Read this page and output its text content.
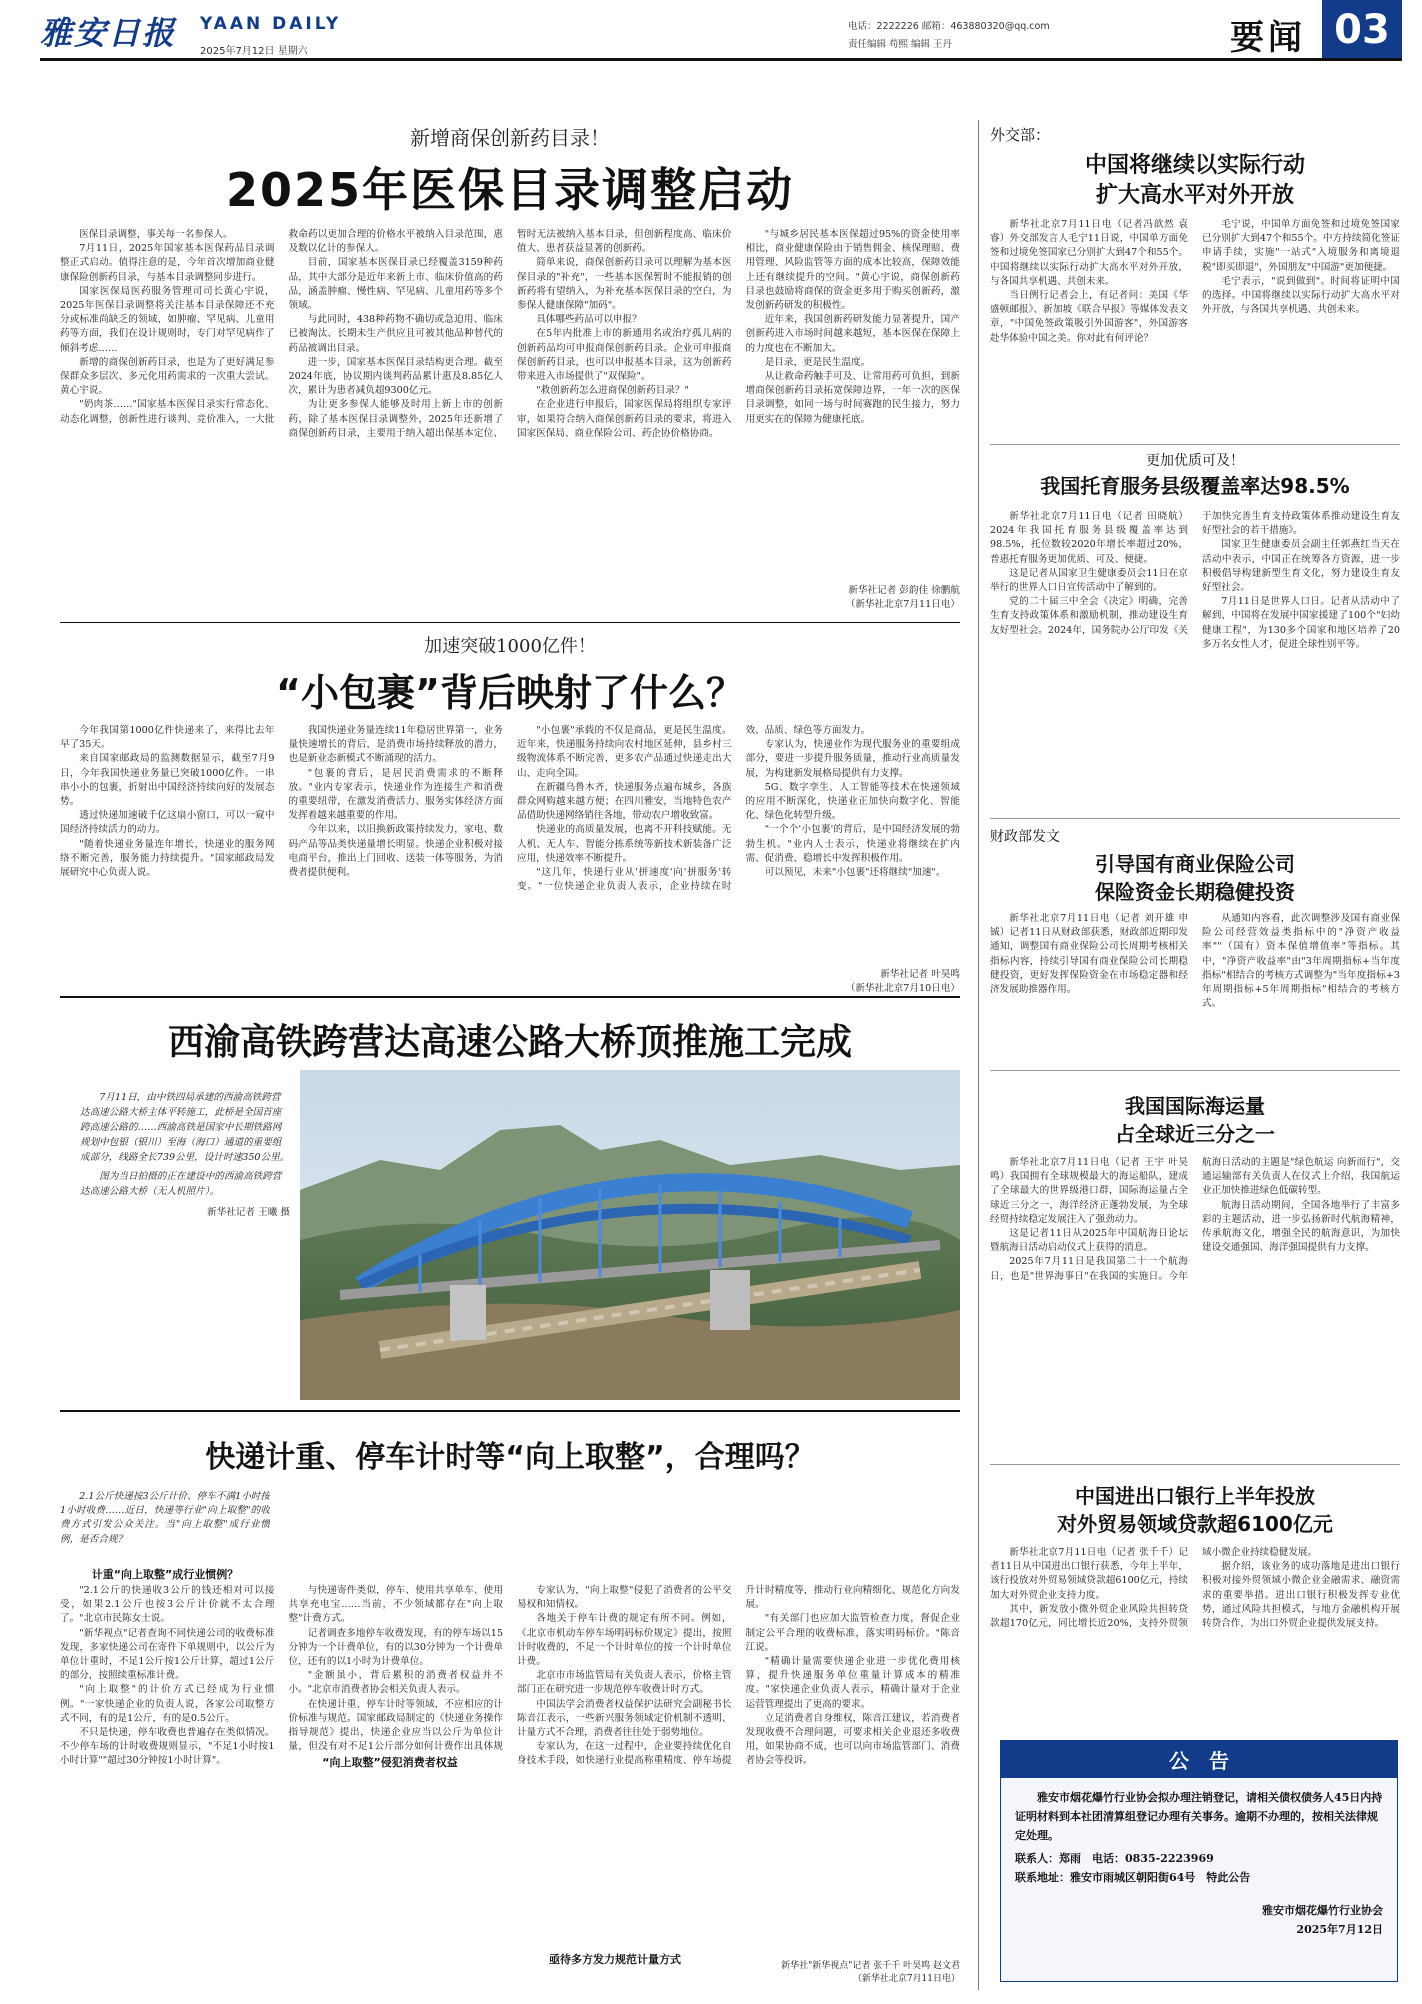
雅安日报	YAAN DAILY
2025年7月12日 星期六
电话：2222226 邮箱：463880320@qq.com
责任编辑 苟熙 编辑 王丹	要闻 03
新增商保创新药目录！
2025年医保目录调整启动

医保目录调整，事关每一名参保人。

7月11日，2025年国家基本医保药品目录调整正式启动。值得注意的是，今年首次增加商业健康保险创新药目录，与基本目录调整同步进行。

国家医保局医药服务管理司司长黄心宇说，2025年医保目录调整将关注基本目录保障还不充分或标准尚缺乏的领域，如肿瘤、罕见病、儿童用药等方面，我们在设计规则时，专门对罕见病作了倾斜考虑……

新增的商保创新药目录，也是为了更好满足参保群众多层次、多元化用药需求的一次重大尝试。黄心宇说。

"奶肉茶……"国家基本医保目录实行常态化、动态化调整，创新性进行谈判、竞价准入，一大批救命药以更加合理的价格水平被纳入目录范围，惠及数以亿计的参保人。

目前，国家基本医保目录已经覆盖3159种药品，其中大部分是近年来新上市、临床价值高的药品，涵盖肿瘤、慢性病、罕见病、儿童用药等多个领域。

与此同时，438种药物不确切或急迫用、临床已被淘汰、长期未生产供应且可被其他品种替代的药品被调出目录。

进一步，国家基本医保目录结构更合理。截至2024年底，协议期内谈判药品累计惠及8.85亿人次，累计为患者减负超9300亿元。

为让更多参保人能够及时用上新上市的创新药，除了基本医保目录调整外，2025年还新增了商保创新药目录，主要用于纳入超出保基本定位、暂时无法被纳入基本目录，但创新程度高、临床价值大、患者获益显著的创新药。

简单来说，商保创新药目录可以理解为基本医保目录的"补充"，一些基本医保暂时不能报销的创新药将有望纳入，为补充基本医保目录的空白，为参保人健康保障"加码"。

具体哪些药品可以申报？

在5年内批准上市的新通用名或治疗孤儿病的创新药品均可申报商保创新药目录。企业可申报商保创新药目录，也可以申报基本目录，这为创新药带来进入市场提供了"双保险"。

"救创新药怎么进商保创新药目录？"

在企业进行申报后，国家医保局将组织专家评审，如果符合纳入商保创新药目录的要求，将进入国家医保局、商业保险公司、药企协价格协商。

"与城乡居民基本医保超过95%的资金使用率相比，商业健康保险由于销售佣金、核保理赔、费用管理、风险监管等方面的成本比较高，保障效能上还有继续提升的空间。"黄心宇说，商保创新药目录也鼓励将商保的资金更多用于购买创新药，激发创新药研发的积极性。

近年来，我国创新药研发能力显著提升，国产创新药进入市场时间越来越短，基本医保在保障上的力度也在不断加大。

是目录，更是民生温度。

从让救命药触手可及、让常用药可负担，到新增商保创新药目录拓宽保障边界，一年一次的医保目录调整，如同一场与时间赛跑的民生接力，努力用更实在的保障为健康托底。

新华社记者 彭韵佳 徐鹏航
（新华社北京7月11日电）
加速突破1000亿件！
“小包裹”背后映射了什么？

今年我国第1000亿件快递来了，来得比去年早了35天。

来自国家邮政局的监测数据显示，截至7月9日，今年我国快递业务量已突破1000亿件。一串串小小的包裹，折射出中国经济持续向好的发展态势。

透过快递加速破千亿这扇小窗口，可以一窥中国经济持续活力的动力。

"随着快递业务量连年增长，快递业的服务网络不断完善，服务能力持续提升。"国家邮政局发展研究中心负责人说。

我国快递业务量连续11年稳居世界第一，业务量快速增长的背后，是消费市场持续释放的潜力，也是新业态新模式不断涌现的活力。

"包裹的背后，是居民消费需求的不断释放。"业内专家表示，快递业作为连接生产和消费的重要纽带，在激发消费活力、服务实体经济方面发挥着越来越重要的作用。

今年以来，以旧换新政策持续发力，家电、数码产品等品类快递量增长明显。快递企业积极对接电商平台，推出上门回收、送装一体等服务，为消费者提供便利。

"小包裹"承载的不仅是商品，更是民生温度。近年来，快递服务持续向农村地区延伸，县乡村三级物流体系不断完善，更多农产品通过快递走出大山、走向全国。

在新疆乌鲁木齐，快递服务点遍布城乡，各族群众网购越来越方便；在四川雅安，当地特色农产品借助快递网络销往各地，带动农户增收致富。

快递业的高质量发展，也离不开科技赋能。无人机、无人车、智能分拣系统等新技术新装备广泛应用，快递效率不断提升。

"这几年，快递行业从'拼速度'向'拼服务'转变。"一位快递企业负责人表示，企业持续在时效、品质、绿色等方面发力。

专家认为，快递业作为现代服务业的重要组成部分，要进一步提升服务质量，推动行业高质量发展，为构建新发展格局提供有力支撑。

5G、数字孪生、人工智能等技术在快递领域的应用不断深化，快递业正加快向数字化、智能化、绿色化转型升级。

"一个个'小包裹'的背后，是中国经济发展的勃勃生机。"业内人士表示，快递业将继续在扩内需、促消费、稳增长中发挥积极作用。

可以预见，未来"小包裹"还将继续"加速"。

新华社记者 叶昊鸣
（新华社北京7月10日电）
西渝高铁跨营达高速公路大桥顶推施工完成

7月11日，由中铁四局承建的西渝高铁跨营达高速公路大桥主体平转施工，此桥是全国首座跨高速公路的……西渝高铁是国家中长期铁路网规划中包银（银川）至海（海口）通道的重要组成部分，线路全长739公里，设计时速350公里。

图为当日拍摄的正在建设中的西渝高铁跨营达高速公路大桥（无人机照片）。

新华社记者 王曦 摄

快递计重、停车计时等“向上取整”，合理吗？

2.1公斤快递按3公斤计价、停车不满1小时按1小时收费……近日，快递等行业"向上取整"的收费方式引发公众关注。当"向上取整"成行业惯例，是否合规？

计重“向上取整”成行业惯例？

"2.1公斤的快递收3公斤的钱还相对可以接受，如果2.1公斤也按3公斤计价就不太合理了。"北京市民陈女士说。

"新华视点"记者查询不同快递公司的收费标准发现，多家快递公司在寄件下单规则中，以公斤为单位计重时，不足1公斤按1公斤计算，超过1公斤的部分，按照续重标准计费。

"向上取整"的计价方式已经成为行业惯例。"一家快递企业的负责人说，各家公司取整方式不同，有的是1公斤，有的是0.5公斤。

不只是快递，停车收费也普遍存在类似情况。不少停车场的计时收费规则显示，"不足1小时按1小时计算""超过30分钟按1小时计算"。

与快递寄件类似，停车、使用共享单车、使用共享充电宝……当前，不少领域都存在"向上取整"计费方式。

记者调查多地停车收费发现，有的停车场以15分钟为一个计费单位，有的以30分钟为一个计费单位，还有的以1小时为计费单位。

"金额虽小，背后累积的消费者权益并不小。"北京市消费者协会相关负责人表示。

在快递计重、停车计时等领域，不应相应的计价标准与规范。国家邮政局制定的《快递业务操作指导规范》提出，快递企业应当以公斤为单位计量，但没有对不足1公斤部分如何计费作出具体规

专家认为，"向上取整"侵犯了消费者的公平交易权和知情权。

各地关于停车计费的规定有所不同。例如，《北京市机动车停车场明码标价规定》提出，按照计时收费的，不足一个计时单位的按一个计时单位计费。

北京市市场监管局有关负责人表示，价格主管部门正在研究进一步规范停车收费计时方式。

中国法学会消费者权益保护法研究会副秘书长陈音江表示，一些新兴服务领域定价机制不透明、计量方式不合理，消费者往往处于弱势地位。

专家认为，在这一过程中，企业要持续优化自身技术手段，如快递行业提高称重精度、停车场提升计时精度等，推动行业向精细化、规范化方向发展。

"有关部门也应加大监管检查力度，督促企业制定公平合理的收费标准，落实明码标价。"陈音江说。

"精确计量需要快递企业进一步优化费用核算，提升快递服务单位重量计算成本的精准度。"家快递企业负责人表示，精确计量对于企业运营管理提出了更高的要求。

立足消费者自身维权，陈音江建议，若消费者发现收费不合理问题，可要求相关企业退还多收费用，如果协商不成，也可以向市场监管部门、消费者协会等投诉。

“向上取整”侵犯消费者权益
亟待多方发力规范计量方式	新华社"新华视点"记者 张千千 叶昊鸣 赵文君
（新华社北京7月11日电）
外交部：
中国将继续以实际行动
扩大高水平对外开放

新华社北京7月11日电（记者冯歆然 袁睿）外交部发言人毛宁11日说，中国单方面免签和过境免签国家已分别扩大到47个和55个。中国将继续以实际行动扩大高水平对外开放，与各国共享机遇、共创未来。

当日例行记者会上，有记者问：美国《华盛顿邮报》、新加坡《联合早报》等媒体发表文章，"中国免签政策吸引外国游客"，外国游客赴华体验中国之美。你对此有何评论？

毛宁说，中国单方面免签和过境免签国家已分别扩大到47个和55个。中方持续简化签证申请手续，实施"一站式"入境服务和离境退税"即买即退"，外国朋友"中国游"更加便捷。

毛宁表示，"说到做到"。时间将证明中国的选择。中国将继续以实际行动扩大高水平对外开放，与各国共享机遇、共创未来。

更加优质可及！
我国托育服务县级覆盖率达98.5%

新华社北京7月11日电（记者 田晓航）2024年我国托育服务县级覆盖率达到98.5%，托位数较2020年增长率超过20%，普惠托育服务更加优质、可及、便捷。

这是记者从国家卫生健康委员会11日在京举行的世界人口日宣传活动中了解到的。

党的二十届三中全会《决定》明确，完善生育支持政策体系和激励机制，推动建设生育友好型社会。2024年，国务院办公厅印发《关于加快完善生育支持政策体系推动建设生育友好型社会的若干措施》。

国家卫生健康委员会副主任郭燕红当天在活动中表示，中国正在统筹各方资源，进一步积极倡导构建新型生育文化，努力建设生育友好型社会。

7月11日是世界人口日。记者从活动中了解到，中国将在发展中国家援建了100个"妇幼健康工程"，为130多个国家和地区培养了20多万名女性人才，促进全球性别平等。

财政部发文
引导国有商业保险公司
保险资金长期稳健投资

新华社北京7月11日电（记者 刘开雄 申铖）记者11日从财政部获悉，财政部近期印发通知，调整国有商业保险公司长周期考核相关指标内容，持续引导国有商业保险公司长期稳健投资，更好发挥保险资金在市场稳定器和经济发展助推器作用。

从通知内容看，此次调整涉及国有商业保险公司经营效益类指标中的"净资产收益率""（国有）资本保值增值率"等指标。其中，"净资产收益率"由"3年周期指标+当年度指标"相结合的考核方式调整为"当年度指标+3年周期指标+5年周期指标"相结合的考核方式。

我国国际海运量
占全球近三分之一

新华社北京7月11日电（记者 王宇 叶昊鸣）我国拥有全球规模最大的海运船队，建成了全球最大的世界级港口群，国际海运量占全球近三分之一，海洋经济正蓬勃发展，为全球经贸持续稳定发展注入了强劲动力。

这是记者11日从2025年中国航海日论坛暨航海日活动启动仪式上获得的消息。

2025年7月11日是我国第二十一个航海日，也是"世界海事日"在我国的实施日。今年航海日活动的主题是"绿色航运 向新而行"，交通运输部有关负责人在仪式上介绍，我国航运业正加快推进绿色低碳转型。

航海日活动期间，全国各地举行了丰富多彩的主题活动，进一步弘扬新时代航海精神，传承航海文化，增强全民的航海意识，为加快建设交通强国、海洋强国提供有力支撑。

中国进出口银行上半年投放
对外贸易领域贷款超6100亿元

新华社北京7月11日电（记者 张千千）记者11日从中国进出口银行获悉，今年上半年，该行投放对外贸易领域贷款超6100亿元，持续加大对外贸企业支持力度。

其中，新发放小微外贸企业风险共担转贷款超170亿元，同比增长近20%，支持外贸领域小微企业持续稳健发展。

据介绍，该业务的成功落地是进出口银行积极对接外贸领域小微企业金融需求、融资需求的重要举措。进出口银行积极发挥专业优势，通过风险共担模式，与地方金融机构开展转贷合作，为出口外贸企业提供发展支持。

公　告

雅安市烟花爆竹行业协会拟办理注销登记，请相关债权债务人45日内持证明材料到本社团清算组登记办理有关事务。逾期不办理的，按相关法律规定处理。

联系人：郑雨　电话：0835-2223969

联系地址：雅安市雨城区朝阳街64号　特此公告

雅安市烟花爆竹行业协会

2025年7月12日
